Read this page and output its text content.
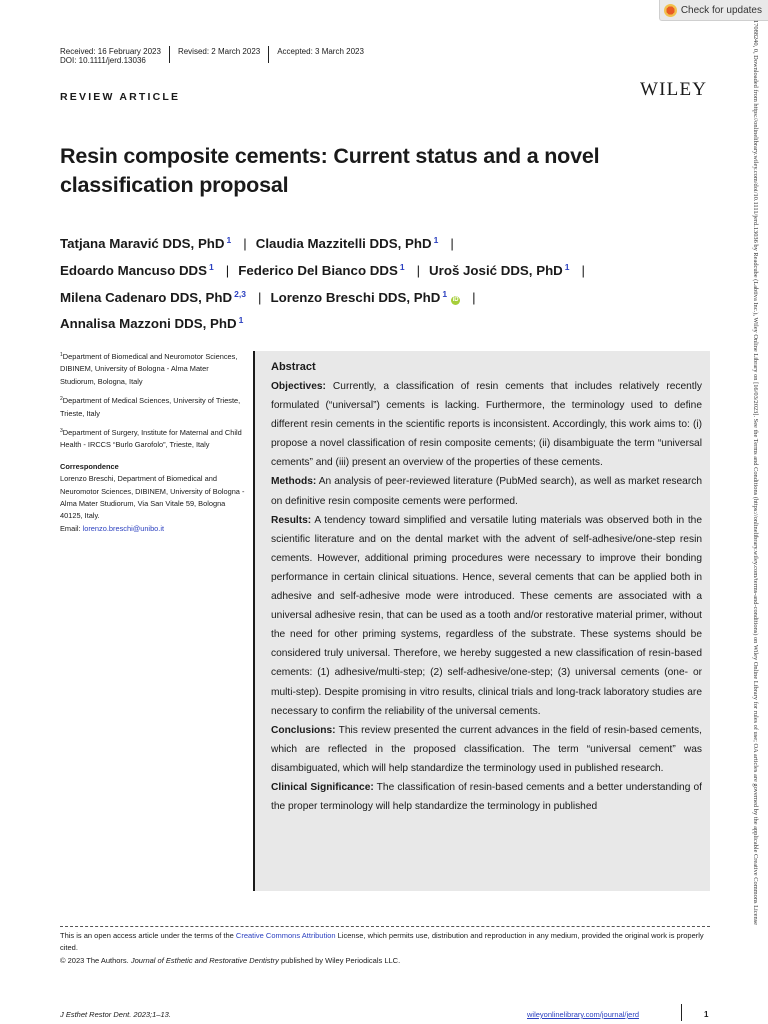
Check for updates
Received: 16 February 2023	Revised: 2 March 2023	Accepted: 3 March 2023
DOI: 10.1111/jerd.13036
REVIEW ARTICLE	WILEY
Resin composite cements: Current status and a novel classification proposal
Tatjana Maravić DDS, PhD $^1$ | Claudia Mazzitelli DDS, PhD $^1$ |
Edoardo Mancuso DDS $^1$ | Federico Del Bianco DDS $^1$ | Uroš Josić DDS, PhD $^1$ |
Milena Cadenaro DDS, PhD $^{2,3}$ | Lorenzo Breschi DDS, PhD $^1$iD |
Annalisa Mazzoni DDS, PhD $^1$

$^1$Department of Biomedical and Neuromotor Sciences, DIBINEM, University of Bologna - Alma Mater Studiorum, Bologna, Italy

$^2$Department of Medical Sciences, University of Trieste, Trieste, Italy

$^3$Department of Surgery, Institute for Maternal and Child Health - IRCCS “Burlo Garofolo”, Trieste, Italy

Correspondence

Lorenzo Breschi, Department of Biomedical and Neuromotor Sciences, DIBINEM, University of Bologna - Alma Mater Studiorum, Via San Vitale 59, Bologna 40125, Italy.
Email: lorenzo.breschi@unibo.it

Abstract

Objectives: Currently, a classification of resin cements that includes relatively recently formulated (“universal”) cements is lacking. Furthermore, the terminology used to define different resin cements in the scientific reports is inconsistent. Accordingly, this work aims to: (i) propose a novel classification of resin composite cements; (ii) disambiguate the term “universal cements” and (iii) present an overview of the properties of these cements.

Methods: An analysis of peer-reviewed literature (PubMed search), as well as market research on definitive resin composite cements were performed.

Results: A tendency toward simplified and versatile luting materials was observed both in the scientific literature and on the dental market with the advent of self-adhesive/one-step resin cements. However, additional priming procedures were necessary to improve their bonding performance in certain clinical situations. Hence, several cements that can be applied both in adhesive and self-adhesive mode were introduced. These cements are associated with a universal adhesive resin, that can be used as a tooth and/or restorative material primer, without the need for other priming systems, regardless of the substrate. These systems should be considered truly universal. Therefore, we hereby suggested a new classification of resin-based cements: (1) adhesive/multi-step; (2) self-adhesive/one-step; (3) universal cements (one- or multi-step). Despite promising in vitro results, clinical trials and long-track laboratory studies are necessary to confirm the reliability of the universal cements.

Conclusions: This review presented the current advances in the field of resin-based cements, which are reflected in the proposed classification. The term “universal cement” was disambiguated, which will help standardize the terminology used in published research.

Clinical Significance: The classification of resin-based cements and a better understanding of the proper terminology will help standardize the terminology in published

This is an open access article under the terms of the Creative Commons Attribution License, which permits use, distribution and reproduction in any medium, provided the original work is properly cited.

© 2023 The Authors. Journal of Esthetic and Restorative Dentistry published by Wiley Periodicals LLC.

J Esthet Restor Dent. 2023;1–13.	wileyonlinelibrary.com/journal/jerd	1
17088240, 0, Downloaded from https://onlinelibrary.wiley.com/doi/10.1111/jerd.13036 by Readcube (Labtiva Inc.), Wiley Online Library on [16/03/2023]. See the Terms and Conditions (https://onlinelibrary.wiley.com/terms-and-conditions) on Wiley Online Library for rules of use; OA articles are governed by the applicable Creative Commons License
